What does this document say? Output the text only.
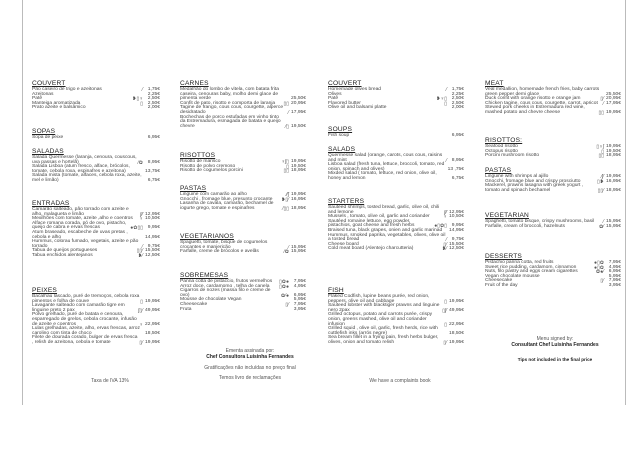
COUVERT
Pão caseiro de trigo e azeitonas	⁄ 1,75€
Azeitonas	2,25€
Patê	❥▯♆ 2,50€
Manteiga aromatizada	▯ 2,50€
Prato azeite e balsâmico	2,00€
SOPAS
Sopa de peixe	6,95€
SALADAS
Salada Quermesse (laranja, cenoura, couscous, uva passas e hortelã)	⁄✿ 8,95€
Salada Lisboa (atum fresco, alface, brócolos, tomate, cebola roxa, espinafres e azeitona)	13,75€
Salada mista (tomate, alfaces, cebola roxa, azeite, mel e limão)	6,75€
ENTRADAS
Camarão salteado, pão torrado com azeite e alho, malagueta e limão	ʃ⁄⁄ 12,95€
Mexilhões com tomate, azeite ,alho e coentros	♆ 10,50€
Alface romana corada, pó de ovo, pistacho, queijo de cabra e ervas frescas	●✿▯▯ 9,95€
Atum braseado, escabeche de uvas pretas , cebola e alho	14,95€
Hummus, colorau fumado, vegetais, azeite e pão torrado	⁄ 9,75€
Tabua de queijos portugueses	▯▯⁄ 15,50€
Tabua enchidos alentejanos	❥⁄ 12,50€
PEIXES
Bacalhau lascado, puré de tremoços, cebola roxa pimentos e folha de couve	▯ 19,95€
Lavagante salteado com camarão tigre em linguine preto 2 pax	ʃ▯⁄ 49,95€
Polvo grelhado, puré de batata e cenoura, esparregado de grelos, cebola crocante, infusão de azeite e coentros	♆ 22,95€
Lulas grelhadas, azeite, alho, ervas frescas, arroz carolino com tinta de choco	18,50€
Filete de dourada corado, bulger de ervas fresca , relish de azeitona, cebola e tomate	▯⁄ 19,95€
CARNES
Medalhão do lombo de vitela, com batata frita caseira, cenouras baby, molho demi glace de pimenta verde	25,50€
Confit de pato, risotto e comporta de laranja	▯▯ 20,95€
Tagine de frango, cous cous, courgette, alperce desidratado	⁄ 17,95€
Bochechas de porco estufadas em vinho tinto da Estremadura, esmagada de batata e queijo chevre	⁄▯ 19,50€
RISOTTOS
Risotto de marisco	♆ʃ▯ 19,95€
Risotto de polvo cremoso	▯ 19,50€
Risotto de cogumelos porcini	▯▯ 18,95€
PASTAS
Linguine com camarão ao alho	⁄⁄ʃ 19,95€
Gnocchi , fromage blue, presunto crocante	❥▯⁄ 16,95€
Lasanha de cavala, camarão, bechamel de iogurte grego, tomate e espinafres	⁄▯▯ 18,95€
VEGETARIANOS
Spaguetti, tomate, bisque de cogumelos crocantes e manjericão	⁄ 15,95€
Farfalle, creme de brócolos e avelãs	⁄✿ 15,95€
SOBREMESAS
Panna cotta de pistaccio, frutos vermelhos	▯✿● 7,95€
Arroz doce, cardamomo , telha de canela	▯✿● 4,95€
Cigarros de nozes (massa filo e creme de ovo)	✿⁄● 6,95€
Mousse de chocolate Vegan	5,95€
Cheesecake	▯⁄ 7,95€
Fruta	3,95€
COUVERT
Homemade olives bread	⁄ 1,75€
Olives	2,25€
Patê	❥♆▯ 2,50€
Flavored butter	▯ 2,50€
Olive oil and balsami platte	2,00€
SOUPS
Fish soup	6,95€
SALADS
Quermesse salad (orange, carots, cous cous, raisins and mint	⁄ 8,95€
Lisboa salad (fresh tuna, lettuce, broccoli, tomato, red onion, spinach and olives)	13 ,75€
Mixded salad ( tomato, lettuce, red onion, olive oil, honey and lemon	6,75€
STARTERS
Sautéed shrimps, tosted bread, garlic, olive oil, chili and lemone	ʃ⁄⁄ 12,95€
Mussels , tomato, olive oil, garlic and coriander	♆ 10,50€
Sautéed romaine lettuce, egg powder, pistachios, goat cheese and fresh herbs	●▯✿▯ 9,95€
Braised tuna, black grapes, onien and garlic marinad	14,95€
Hummus, smoked paprika, vegetables, olives, olive oil a tosted bread	⁄ 9,75€
Cheese board	▯⁄ 15,50€
Cold meat board (Alentejo charcutteria)	❥⁄ 12,50€
FISH
Flaked Codfish, lupine beans purée, red onion, peppers, olive oil and cabbage	▯ 19,95€
Sauteed lobster with blacktiger prawns and linguine nero 2pax	▯ʃ⁄ 49,95€
Grilled octopus, potato and carrots purée, crispy onion, greens mashed, olive oil and coriander infusion	▯ 22,95€
Grilled squid , olive oil, garlic, fresh herds, rice with cuttlefish inks (arrós negre)	18,50€
Sea bream fillet in a frying pain, fresh herbs bulger, olives, onion and tomato relish	▯⁄ 19,95€
MEAT
Veal medallion, homemade french fries, baby carrots green pepper demi glace	25,50€
Duck confit with orange risotto e orange jam	▯⁄ 20,95€
Chicken tagine, cous cous, courgette, carrot, apricot	⁄ 17,95€
Stewed pork cheeks in Estremadura red wine, mashed potato and chevre cheese	▯▯ 19,95€
RISOTTOS:
Seafood risotto	▯♆ʃ 19,95€
Octopus risotto	▯ 19,50€
Porcini mushroom risotto	▯▯ 18,95€
PASTAS
Linguine with shrimps al ajillo	⁄ʃ⁄ 19,95€
Gnocchi, fromage blue and crispy prosciutto	▯❥ 16,95€
Mackerel, prawns lasagna with greek yogurt , tomato and spinach bechamel	▯▯⁄ 18,95€
VEGETARIAN
Spaghetti, tomato bisque, crispy mushrooms, basil	⁄ 15,95€
Farfalle, cream of broccoli, hazelnuts	✿⁄ 15,95€
DESSERTS
Pistachio panna cotta, red fruits	●▯✿ 7,95€
Sweet rice pudding, cardamom, cinnamon	●▯✿ 4,95€
Nuts, filo pastry and eggs cream cigarettes	✿●⁄ 6,95€
Vegan chocolate mousse	5,95€
Cheesecake	▯⁄ 7,95€
Fruit of the day	3,95€
Taxa de IVA 13%
Ementa assinada por:
Chef Consultora Luisinha Fernandes
Gratificações não incluídas no preço final
Temos livro de reclamações	We have a complaints book
Menu signed by:
Consultant Chef Luisinha Fernandes
Tips not included in the final price
